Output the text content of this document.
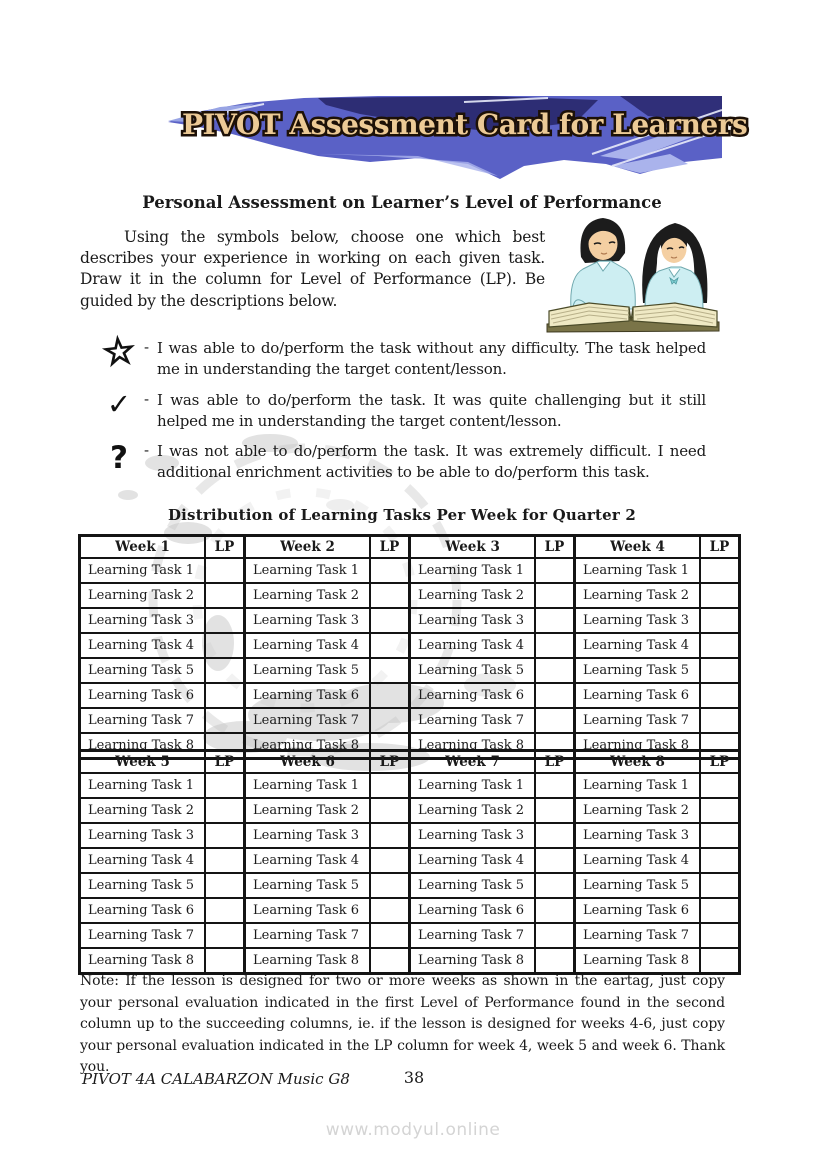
PIVOT Assessment Card for Learners
Personal Assessment on Learner’s Level of Performance
Using the symbols below, choose one which best describes your experience in working on each given task. Draw it in the column for Level of Performance (LP). Be guided by the descriptions below.
☆ - I was able to do/perform the task without any difficulty. The task helped me in understanding the target content/lesson.
✓ - I was able to do/perform the task. It was quite challenging but it still helped me in understanding the target content/lesson.
?	- I was not able to do/perform the task. It was extremely difficult. I need additional enrichment activities to be able to do/perform this task.
Distribution of Learning Tasks Per Week for Quarter 2
Week 1	LP	Week 2	LP	Week 3	LP	Week 4	LP
Learning Task 1		Learning Task 1		Learning Task 1		Learning Task 1	
Learning Task 2		Learning Task 2		Learning Task 2		Learning Task 2	
Learning Task 3		Learning Task 3		Learning Task 3		Learning Task 3	
Learning Task 4		Learning Task 4		Learning Task 4		Learning Task 4	
Learning Task 5		Learning Task 5		Learning Task 5		Learning Task 5	
Learning Task 6		Learning Task 6		Learning Task 6		Learning Task 6	
Learning Task 7		Learning Task 7		Learning Task 7		Learning Task 7	
Learning Task 8		Learning Task 8		Learning Task 8		Learning Task 8	
Week 5	LP	Week 6	LP	Week 7	LP	Week 8	LP
Learning Task 1		Learning Task 1		Learning Task 1		Learning Task 1	
Learning Task 2		Learning Task 2		Learning Task 2		Learning Task 2	
Learning Task 3		Learning Task 3		Learning Task 3		Learning Task 3	
Learning Task 4		Learning Task 4		Learning Task 4		Learning Task 4	
Learning Task 5		Learning Task 5		Learning Task 5		Learning Task 5	
Learning Task 6		Learning Task 6		Learning Task 6		Learning Task 6	
Learning Task 7		Learning Task 7		Learning Task 7		Learning Task 7	
Learning Task 8		Learning Task 8		Learning Task 8		Learning Task 8	
Note: If the lesson is designed for two or more weeks as shown in the eartag, just copy your personal evaluation indicated in the first Level of Performance found in the second column up to the succeeding columns, ie. if the lesson is designed for weeks 4-6, just copy your personal evaluation indicated in the LP column for week 4, week 5 and week 6. Thank you.
PIVOT 4A CALABARZON Music G8	38
www.modyul.online
